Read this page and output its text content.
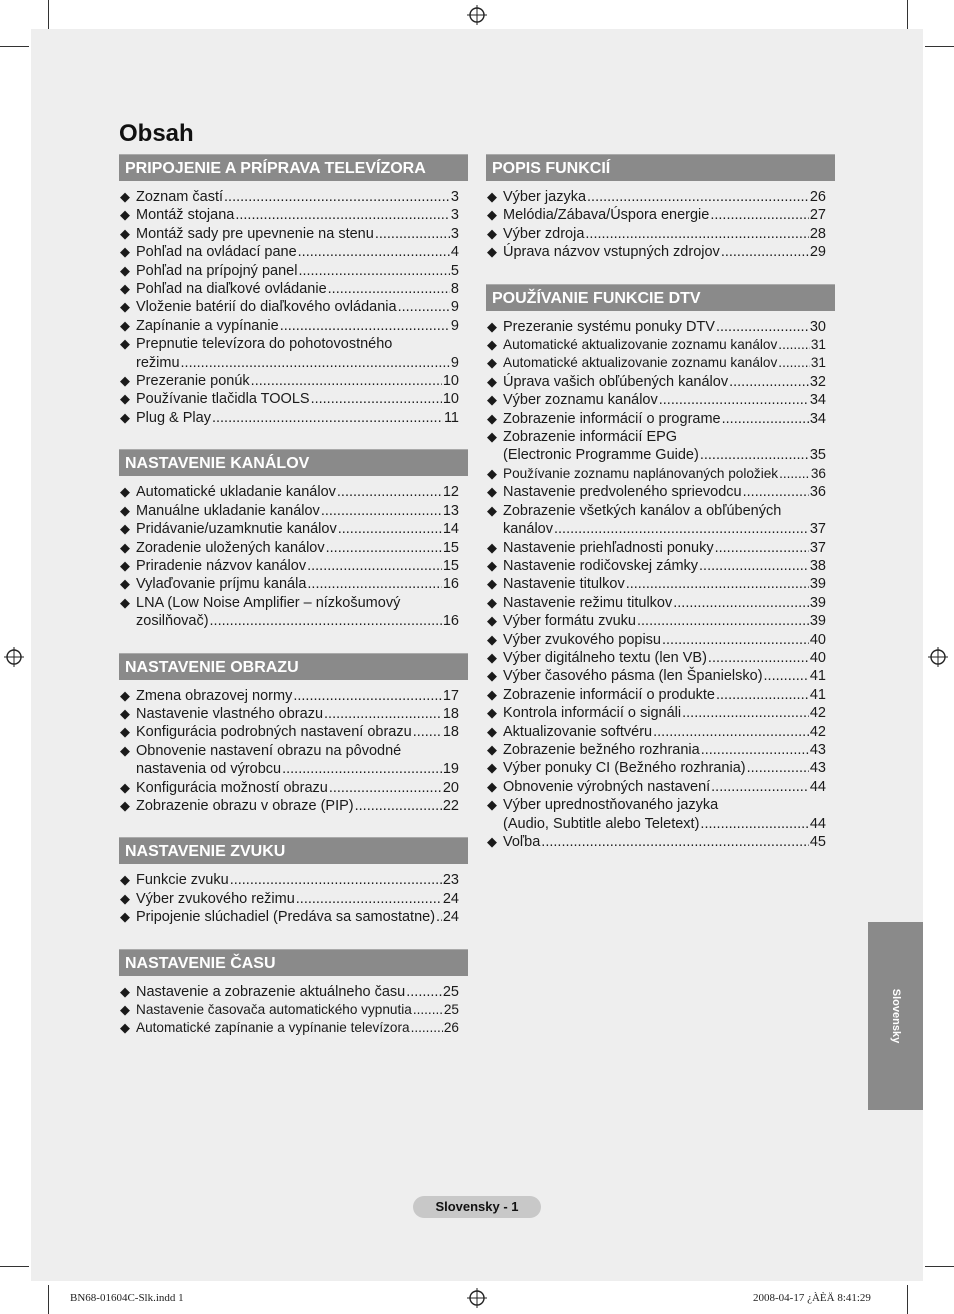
Obsah
PRIPOJENIE A PRÍPRAVA TELEVÍZORA
◆ Zoznam častí .....	3
◆ Montáž stojana .....	3
◆ Montáž sady pre upevnenie na stenu .....	3
◆ Pohľad na ovládací pane .....	4
◆ Pohľad na prípojný panel .....	5
◆ Pohľad na diaľkové ovládanie .....	8
◆ Vloženie batérií do diaľkového ovládania .....	9
◆ Zapínanie a vypínanie .....	9
◆ Prepnutie televízora do pohotovostného
režimu .....	9
◆ Prezeranie ponúk .....	10
◆ Používanie tlačidla TOOLS .....	10
◆ Plug & Play .....	11
NASTAVENIE KANÁLOV
◆ Automatické ukladanie kanálov .....	12
◆ Manuálne ukladanie kanálov .....	13
◆ Pridávanie/uzamknutie kanálov .....	14
◆ Zoradenie uložených kanálov .....	15
◆ Priradenie názvov kanálov .....	15
◆ Vylaďovanie príjmu kanála .....	16
◆ LNA (Low Noise Amplifier – nízkošumový
zosilňovač) .....	16
NASTAVENIE OBRAZU
◆ Zmena obrazovej normy .....	17
◆ Nastavenie vlastného obrazu .....	18
◆ Konfigurácia podrobných nastavení obrazu ..... 18
◆ Obnovenie nastavení obrazu na pôvodné
nastavenia od výrobcu .....	19
◆ Konfigurácia možností obrazu .....	20
◆ Zobrazenie obrazu v obraze (PIP) .....	22
NASTAVENIE ZVUKU
◆ Funkcie zvuku .....	23
◆ Výber zvukového režimu .....	24
◆ Pripojenie slúchadiel (Predáva sa samostatne) ..... 24
NASTAVENIE ČASU
◆ Nastavenie a zobrazenie aktuálneho času .....	25
◆ Nastavenie časovača automatického vypnutia ..... 25
◆ Automatické zapínanie a vypínanie televízora .....	26
POPIS FUNKCIÍ
◆ Výber jazyka .....	26
◆ Melódia/Zábava/Úspora energie .....	27
◆ Výber zdroja .....	28
◆ Úprava názvov vstupných zdrojov .....	29
POUŽÍVANIE FUNKCIE DTV
◆ Prezeranie systému ponuky DTV .....	30
◆ Automatické aktualizovanie zoznamu kanálov ..... 31
◆ Automatické aktualizovanie zoznamu kanálov ..... 31
◆ Úprava vašich obľúbených kanálov .....	32
◆ Výber zoznamu kanálov .....	34
◆ Zobrazenie informácií o programe .....	34
◆ Zobrazenie informácií EPG
(Electronic Programme Guide) .....	35
◆ Používanie zoznamu naplánovaných položiek ..... 36
◆ Nastavenie predvoleného sprievodcu .....	36
◆ Zobrazenie všetkých kanálov a obľúbených
kanálov .....	37
◆ Nastavenie priehľadnosti ponuky .....	37
◆ Nastavenie rodičovskej zámky .....	38
◆ Nastavenie titulkov .....	39
◆ Nastavenie režimu titulkov .....	39
◆ Výber formátu zvuku .....	39
◆ Výber zvukového popisu .....	40
◆ Výber digitálneho textu (len VB) .....	40
◆ Výber časového pásma (len Španielsko) .....	41
◆ Zobrazenie informácií o produkte .....	41
◆ Kontrola informácií o signáli .....	42
◆ Aktualizovanie softvéru .....	42
◆ Zobrazenie bežného rozhrania .....	43
◆ Výber ponuky CI (Bežného rozhrania) .....	43
◆ Obnovenie výrobných nastavení .....	44
◆ Výber uprednostňovaného jazyka
(Audio, Subtitle alebo Teletext) .....	44
◆ Voľba .....	45
Slovensky
Slovensky - 1
BN68-01604C-Slk.indd 1	2008-04-17 ¿ÀÈÄ 8:41:29
